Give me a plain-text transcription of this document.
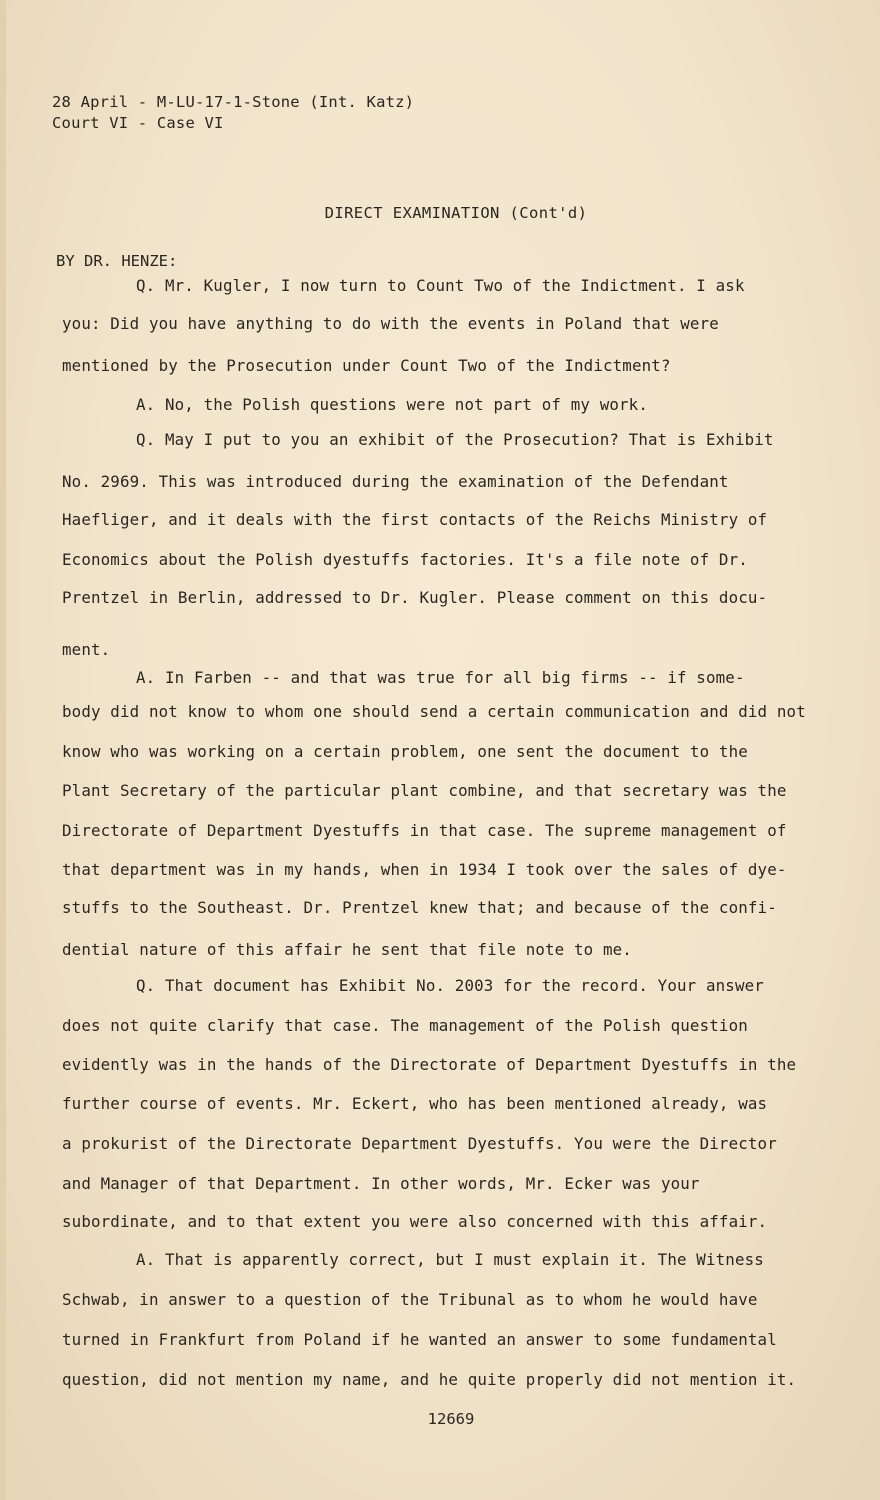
28 April - M-LU-17-1-Stone (Int. Katz)
Court VI - Case VI
DIRECT EXAMINATION (Cont'd)
BY DR. HENZE:
Q. Mr. Kugler, I now turn to Count Two of the Indictment. I ask
you: Did you have anything to do with the events in Poland that were
mentioned by the Prosecution under Count Two of the Indictment?
A. No, the Polish questions were not part of my work.
Q. May I put to you an exhibit of the Prosecution? That is Exhibit
No. 2969. This was introduced during the examination of the Defendant
Haefliger, and it deals with the first contacts of the Reichs Ministry of
Economics about the Polish dyestuffs factories. It's a file note of Dr.
Prentzel in Berlin, addressed to Dr. Kugler. Please comment on this docu-
ment.
A. In Farben -- and that was true for all big firms -- if some-
body did not know to whom one should send a certain communication and did not
know who was working on a certain problem, one sent the document to the
Plant Secretary of the particular plant combine, and that secretary was the
Directorate of Department Dyestuffs in that case. The supreme management of
that department was in my hands, when in 1934 I took over the sales of dye-
stuffs to the Southeast. Dr. Prentzel knew that; and because of the confi-
dential nature of this affair he sent that file note to me.
Q. That document has Exhibit No. 2003 for the record. Your answer
does not quite clarify that case. The management of the Polish question
evidently was in the hands of the Directorate of Department Dyestuffs in the
further course of events. Mr. Eckert, who has been mentioned already, was
a prokurist of the Directorate Department Dyestuffs. You were the Director
and Manager of that Department. In other words, Mr. Ecker was your
subordinate, and to that extent you were also concerned with this affair.
A. That is apparently correct, but I must explain it. The Witness
Schwab, in answer to a question of the Tribunal as to whom he would have
turned in Frankfurt from Poland if he wanted an answer to some fundamental
question, did not mention my name, and he quite properly did not mention it.
12669
